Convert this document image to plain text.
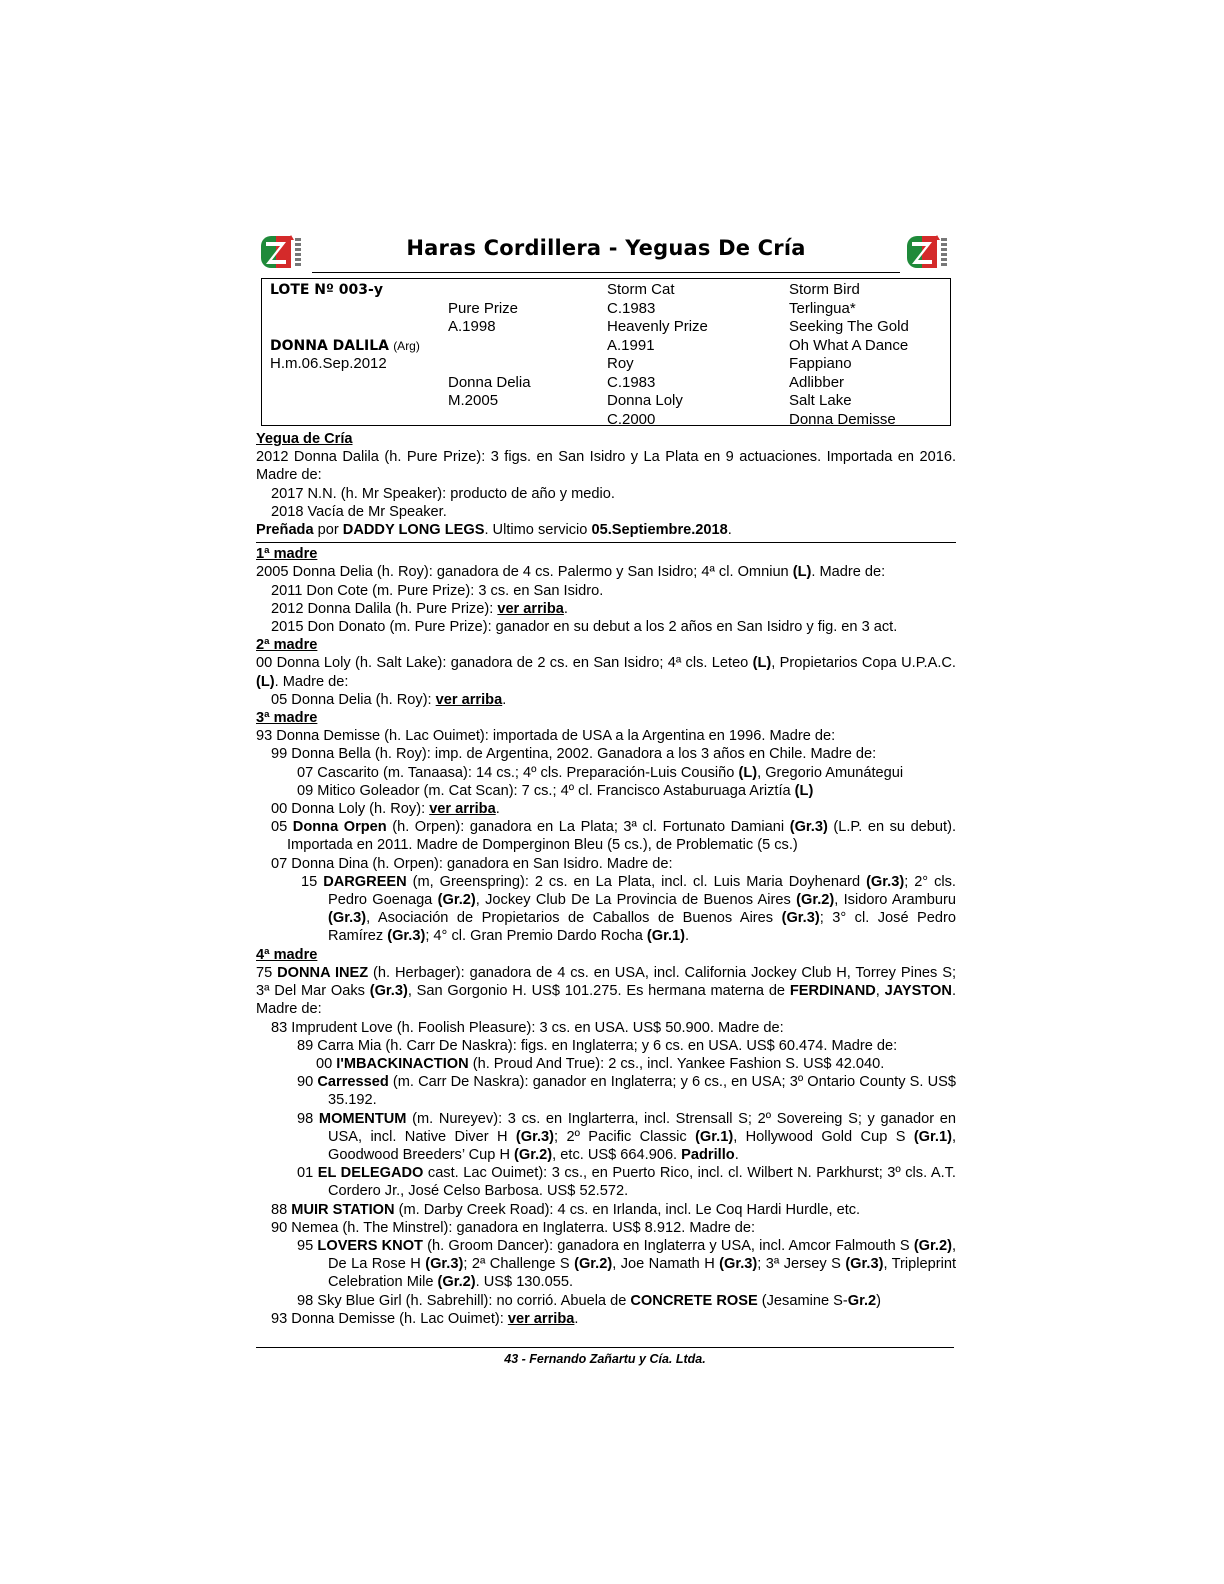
Haras Cordillera - Yeguas De Cría
LOTE Nº 003-y
DONNA DALILA (Arg)
H.m.06.Sep.2012
Pure Prize
A.1998
Donna Delia
M.2005
Storm Cat
C.1983
Heavenly Prize
A.1991
Roy
C.1983
Donna Loly
C.2000
Storm Bird
Terlingua*
Seeking The Gold
Oh What A Dance
Fappiano
Adlibber
Salt Lake
Donna Demisse

Yegua de Cría

2012 Donna Dalila (h. Pure Prize): 3 figs. en San Isidro y La Plata en 9 actuaciones. Importada en 2016. Madre de:

2017 N.N. (h. Mr Speaker): producto de año y medio.

2018 Vacía de Mr Speaker.

Preñada por DADDY LONG LEGS. Ultimo servicio 05.Septiembre.2018.

1ª madre

2005 Donna Delia (h. Roy): ganadora de 4 cs. Palermo y San Isidro; 4ª cl. Omniun (L). Madre de:

2011 Don Cote (m. Pure Prize): 3 cs. en San Isidro.

2012 Donna Dalila (h. Pure Prize): ver arriba.

2015 Don Donato (m. Pure Prize): ganador en su debut a los 2 años en San Isidro y fig. en 3 act.

2ª madre

00 Donna Loly (h. Salt Lake): ganadora de 2 cs. en San Isidro; 4ª cls. Leteo (L), Propietarios Copa U.P.A.C. (L). Madre de:

05 Donna Delia (h. Roy): ver arriba.

3ª madre

93 Donna Demisse (h. Lac Ouimet): importada de USA a la Argentina en 1996. Madre de:

99 Donna Bella (h. Roy): imp. de Argentina, 2002. Ganadora a los 3 años en Chile. Madre de:

07 Cascarito (m. Tanaasa): 14 cs.; 4º cls. Preparación-Luis Cousiño (L), Gregorio Amunátegui

09 Mitico Goleador (m. Cat Scan): 7 cs.; 4º cl. Francisco Astaburuaga Ariztía (L)

00 Donna Loly (h. Roy): ver arriba.

05 Donna Orpen (h. Orpen): ganadora en La Plata; 3ª cl. Fortunato Damiani (Gr.3) (L.P. en su debut). Importada en 2011. Madre de Domperginon Bleu (5 cs.), de Problematic (5 cs.)

07 Donna Dina (h. Orpen): ganadora en San Isidro. Madre de:

15 DARGREEN (m, Greenspring): 2 cs. en La Plata, incl. cl. Luis Maria Doyhenard (Gr.3); 2° cls. Pedro Goenaga (Gr.2), Jockey Club De La Provincia de Buenos Aires (Gr.2), Isidoro Aramburu (Gr.3), Asociación de Propietarios de Caballos de Buenos Aires (Gr.3); 3° cl. José Pedro Ramírez (Gr.3); 4° cl. Gran Premio Dardo Rocha (Gr.1).

4ª madre

75 DONNA INEZ (h. Herbager): ganadora de 4 cs. en USA, incl. California Jockey Club H, Torrey Pines S; 3ª Del Mar Oaks (Gr.3), San Gorgonio H. US$ 101.275. Es hermana materna de FERDINAND, JAYSTON. Madre de:

83 Imprudent Love (h. Foolish Pleasure): 3 cs. en USA. US$ 50.900. Madre de:

89 Carra Mia (h. Carr De Naskra): figs. en Inglaterra; y 6 cs. en USA. US$ 60.474. Madre de:

00 I'MBACKINACTION (h. Proud And True): 2 cs., incl. Yankee Fashion S. US$ 42.040.

90 Carressed (m. Carr De Naskra): ganador en Inglaterra; y 6 cs., en USA; 3º Ontario County S. US$ 35.192.

98 MOMENTUM (m. Nureyev): 3 cs. en Inglarterra, incl. Strensall S; 2º Sovereing S; y ganador en USA, incl. Native Diver H (Gr.3); 2º Pacific Classic (Gr.1), Hollywood Gold Cup S (Gr.1), Goodwood Breeders’ Cup H (Gr.2), etc. US$ 664.906. Padrillo.

01 EL DELEGADO cast. Lac Ouimet): 3 cs., en Puerto Rico, incl. cl. Wilbert N. Parkhurst; 3º cls. A.T. Cordero Jr., José Celso Barbosa. US$ 52.572.

88 MUIR STATION (m. Darby Creek Road): 4 cs. en Irlanda, incl. Le Coq Hardi Hurdle, etc.

90 Nemea (h. The Minstrel): ganadora en Inglaterra. US$ 8.912. Madre de:

95 LOVERS KNOT (h. Groom Dancer): ganadora en Inglaterra y USA, incl. Amcor Falmouth S (Gr.2), De La Rose H (Gr.3); 2ª Challenge S (Gr.2), Joe Namath H (Gr.3); 3ª Jersey S (Gr.3), Tripleprint Celebration Mile (Gr.2). US$ 130.055.

98 Sky Blue Girl (h. Sabrehill): no corrió. Abuela de CONCRETE ROSE (Jesamine S-Gr.2)

93 Donna Demisse (h. Lac Ouimet): ver arriba.

43 - Fernando Zañartu y Cía. Ltda.
